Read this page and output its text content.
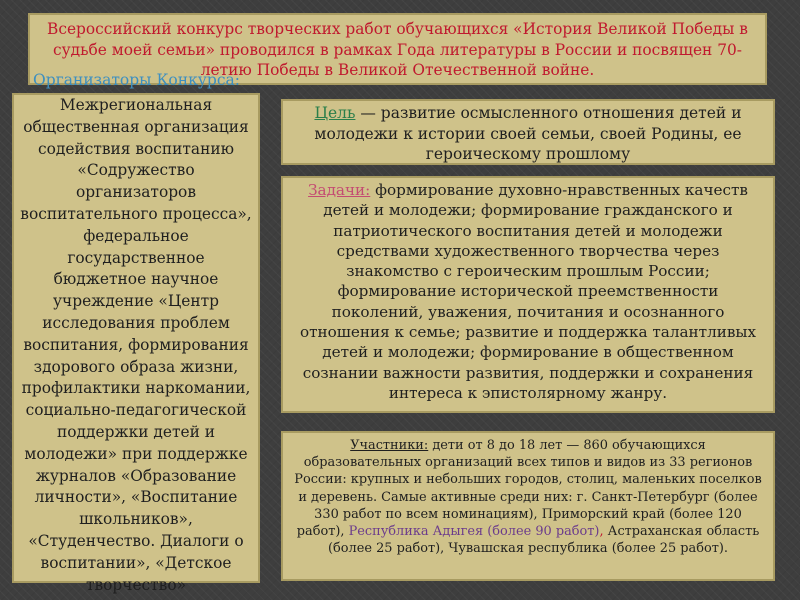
Всероссийский конкурс творческих работ обучающихся «История Великой Победы в судьбе моей семьи» проводился в рамках Года литературы в России и посвящен 70-летию Победы в Великой Отечественной войне.
Межрегиональная общественная организация содействия воспитанию «Содружество организаторов воспитательного процесса», федеральное государственное бюджетное научное учреждение «Центр исследования проблем воспитания, формирования здорового образа жизни, профилактики наркомании, социально-педагогической поддержки детей и молодежи» при поддержке журналов «Образование личности», «Воспитание школьников», «Студенчество. Диалоги о воспитании», «Детское творчество»
Организаторы Конкурса:
Цель — развитие осмысленного отношения детей и молодежи к истории своей семьи, своей Родины, ее героическому прошлому
Задачи: формирование духовно-нравственных качеств детей и молодежи; формирование гражданского и патриотического воспитания детей и молодежи средствами художественного творчества через знакомство с героическим прошлым России; формирование исторической преемственности поколений, уважения, почитания и осознанного отношения к семье; развитие и поддержка талантливых детей и молодежи; формирование в общественном сознании важности развития, поддержки и сохранения интереса к эпистолярному жанру.
Участники: дети от 8 до 18 лет — 860 обучающихся образовательных организаций всех типов и видов из 33 регионов России: крупных и небольших городов, столиц, маленьких поселков и деревень. Самые активные среди них: г. Санкт-Петербург (более 330 работ по всем номинациям), Приморский край (более 120 работ), Республика Адыгея (более 90 работ), Астраханская область (более 25 работ), Чувашская республика (более 25 работ).
